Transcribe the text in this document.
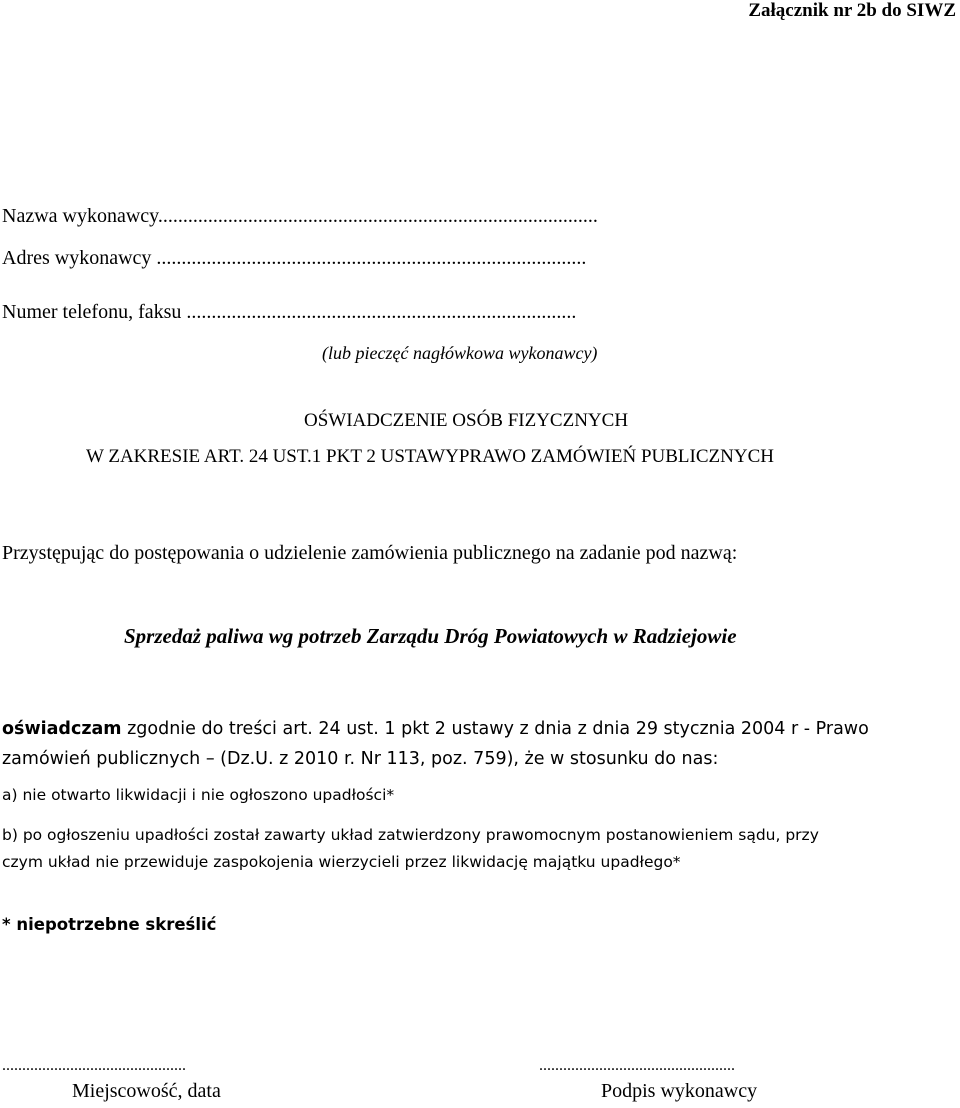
Załącznik nr 2b do SIWZ
Nazwa wykonawcy........................................................................................
Adres wykonawcy ......................................................................................
Numer telefonu, faksu ..............................................................................
(lub pieczęć nagłówkowa wykonawcy)
OŚWIADCZENIE OSÓB FIZYCZNYCH
W ZAKRESIE ART. 24 UST.1 PKT 2 USTAWYPRAWO ZAMÓWIEŃ PUBLICZNYCH
Przystępując do postępowania o udzielenie zamówienia publicznego na zadanie pod nazwą:
Sprzedaż paliwa wg potrzeb Zarządu Dróg Powiatowych w Radziejowie
oświadczam zgodnie do treści art. 24 ust. 1 pkt 2 ustawy z dnia z dnia 29 stycznia 2004 r - Prawo
zamówień publicznych – (Dz.U. z 2010 r. Nr 113, poz. 759), że w stosunku do nas:
a) nie otwarto likwidacji i nie ogłoszono upadłości*
b) po ogłoszeniu upadłości został zawarty układ zatwierdzony prawomocnym postanowieniem sądu, przy
czym układ nie przewiduje zaspokojenia wierzycieli przez likwidację majątku upadłego*
* niepotrzebne skreślić
..............................................
Miejscowość, data
.................................................
Podpis wykonawcy
